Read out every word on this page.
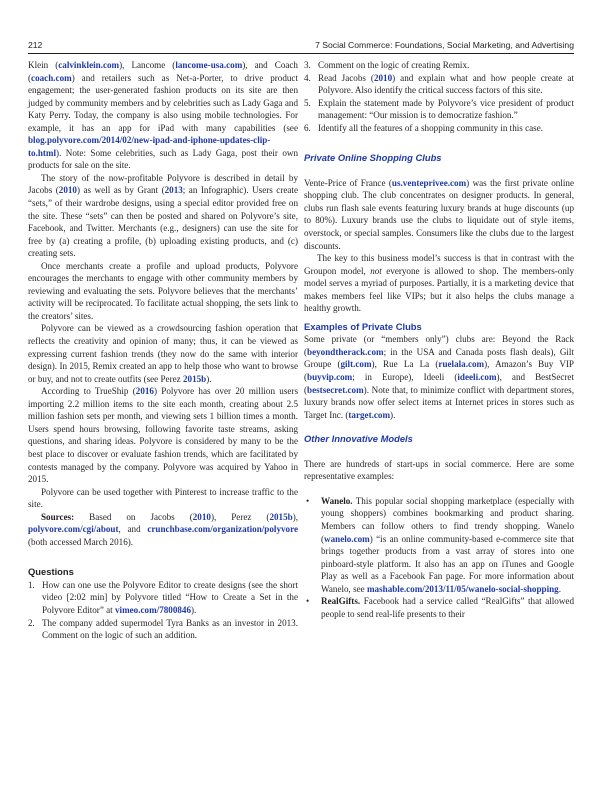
212	7 Social Commerce: Foundations, Social Marketing, and Advertising

Klein (calvinklein.com), Lancome (lancome-usa.com), and Coach (coach.com) and retailers such as Net-a-Porter, to drive product engagement; the user-generated fashion products on its site are then judged by community members and by celebrities such as Lady Gaga and Katy Perry. Today, the company is also using mobile technologies. For example, it has an app for iPad with many capabilities (see blog.polyvore.com/2014/02/new-ipad-and-iphone-updates-clip-to.html). Note: Some celebrities, such as Lady Gaga, post their own products for sale on the site.

The story of the now-profitable Polyvore is described in detail by Jacobs (2010) as well as by Grant (2013; an Infographic). Users create “sets,” of their wardrobe designs, using a special editor provided free on the site. These “sets” can then be posted and shared on Polyvore’s site, Facebook, and Twitter. Merchants (e.g., designers) can use the site for free by (a) creating a profile, (b) uploading existing products, and (c) creating sets.

Once merchants create a profile and upload products, Polyvore encourages the merchants to engage with other community members by reviewing and evaluating the sets. Polyvore believes that the merchants’ activity will be reciprocated. To facilitate actual shopping, the sets link to the creators’ sites.

Polyvore can be viewed as a crowdsourcing fashion operation that reflects the creativity and opinion of many; thus, it can be viewed as expressing current fashion trends (they now do the same with interior design). In 2015, Remix created an app to help those who want to browse or buy, and not to create outfits (see Perez 2015b).

According to TrueShip (2016) Polyvore has over 20 million users importing 2.2 million items to the site each month, creating about 2.5 million fashion sets per month, and viewing sets 1 billion times a month. Users spend hours browsing, following favorite taste streams, asking questions, and sharing ideas. Polyvore is considered by many to be the best place to discover or evaluate fashion trends, which are facilitated by contests managed by the company. Polyvore was acquired by Yahoo in 2015.

Polyvore can be used together with Pinterest to increase traffic to the site.

Sources: Based on Jacobs (2010), Perez (2015b), polyvore.com/cgi/about, and crunchbase.com/organization/polyvore (both accessed March 2016).

Questions
1. How can one use the Polyvore Editor to create designs (see the short video [2:02 min] by Polyvore titled “How to Create a Set in the Polyvore Editor” at vimeo.com/7800846).
2. The company added supermodel Tyra Banks as an investor in 2013. Comment on the logic of such an addition.
3. Comment on the logic of creating Remix.
4. Read Jacobs (2010) and explain what and how people create at Polyvore. Also identify the critical success factors of this site.
5. Explain the statement made by Polyvore’s vice president of product management: “Our mission is to democratize fashion.”
6. Identify all the features of a shopping community in this case.
Private Online Shopping Clubs

Vente-Price of France (us.venteprivee.com) was the first private online shopping club. The club concentrates on designer products. In general, clubs run flash sale events featuring luxury brands at huge discounts (up to 80%). Luxury brands use the clubs to liquidate out of style items, overstock, or special samples. Consumers like the clubs due to the largest discounts.

The key to this business model’s success is that in contrast with the Groupon model, not everyone is allowed to shop. The members-only model serves a myriad of purposes. Partially, it is a marketing device that makes members feel like VIPs; but it also helps the clubs manage a healthy growth.

Examples of Private Clubs

Some private (or “members only”) clubs are: Beyond the Rack (beyondtherack.com; in the USA and Canada posts flash deals), Gilt Groupe (gilt.com), Rue La La (ruelala.com), Amazon’s Buy VIP (buyvip.com; in Europe), Ideeli (ideeli.com), and BestSecret (bestsecret.com). Note that, to minimize conflict with department stores, luxury brands now offer select items at Internet prices in stores such as Target Inc. (target.com).

Other Innovative Models

There are hundreds of start-ups in social commerce. Here are some representative examples:

•	Wanelo. This popular social shopping marketplace (especially with young shoppers) combines bookmarking and product sharing. Members can follow others to find trendy shopping. Wanelo (wanelo.com) “is an online community-based e-commerce site that brings together products from a vast array of stores into one pinboard-style platform. It also has an app on iTunes and Google Play as well as a Facebook Fan page. For more information about Wanelo, see mashable.com/2013/11/05/wanelo-social-shopping.
•	RealGifts. Facebook had a service called “RealGifts” that allowed people to send real-life presents to their
